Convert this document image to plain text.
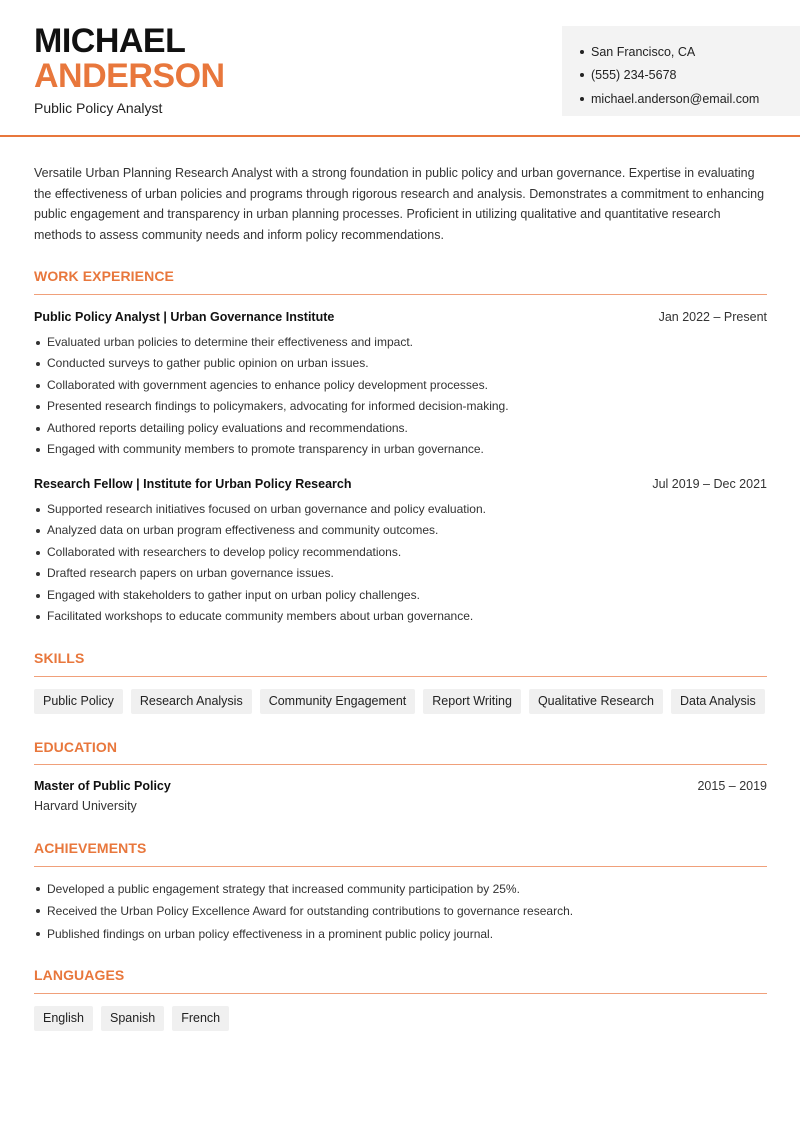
MICHAEL
ANDERSON
Public Policy Analyst
San Francisco, CA
(555) 234-5678
michael.anderson@email.com

Versatile Urban Planning Research Analyst with a strong foundation in public policy and urban governance. Expertise in evaluating the effectiveness of urban policies and programs through rigorous research and analysis. Demonstrates a commitment to enhancing public engagement and transparency in urban planning processes. Proficient in utilizing qualitative and quantitative research methods to assess community needs and inform policy recommendations.

WORK EXPERIENCE
Public Policy Analyst | Urban Governance Institute	Jan 2022 – Present
Evaluated urban policies to determine their effectiveness and impact.
Conducted surveys to gather public opinion on urban issues.
Collaborated with government agencies to enhance policy development processes.
Presented research findings to policymakers, advocating for informed decision-making.
Authored reports detailing policy evaluations and recommendations.
Engaged with community members to promote transparency in urban governance.
Research Fellow | Institute for Urban Policy Research	Jul 2019 – Dec 2021
Supported research initiatives focused on urban governance and policy evaluation.
Analyzed data on urban program effectiveness and community outcomes.
Collaborated with researchers to develop policy recommendations.
Drafted research papers on urban governance issues.
Engaged with stakeholders to gather input on urban policy challenges.
Facilitated workshops to educate community members about urban governance.
SKILLS
Public Policy	Research Analysis	Community Engagement	Report Writing	Qualitative Research	Data Analysis
EDUCATION
Master of Public Policy	2015 – 2019
Harvard University
ACHIEVEMENTS
Developed a public engagement strategy that increased community participation by 25%.
Received the Urban Policy Excellence Award for outstanding contributions to governance research.
Published findings on urban policy effectiveness in a prominent public policy journal.
LANGUAGES
English	Spanish	French
